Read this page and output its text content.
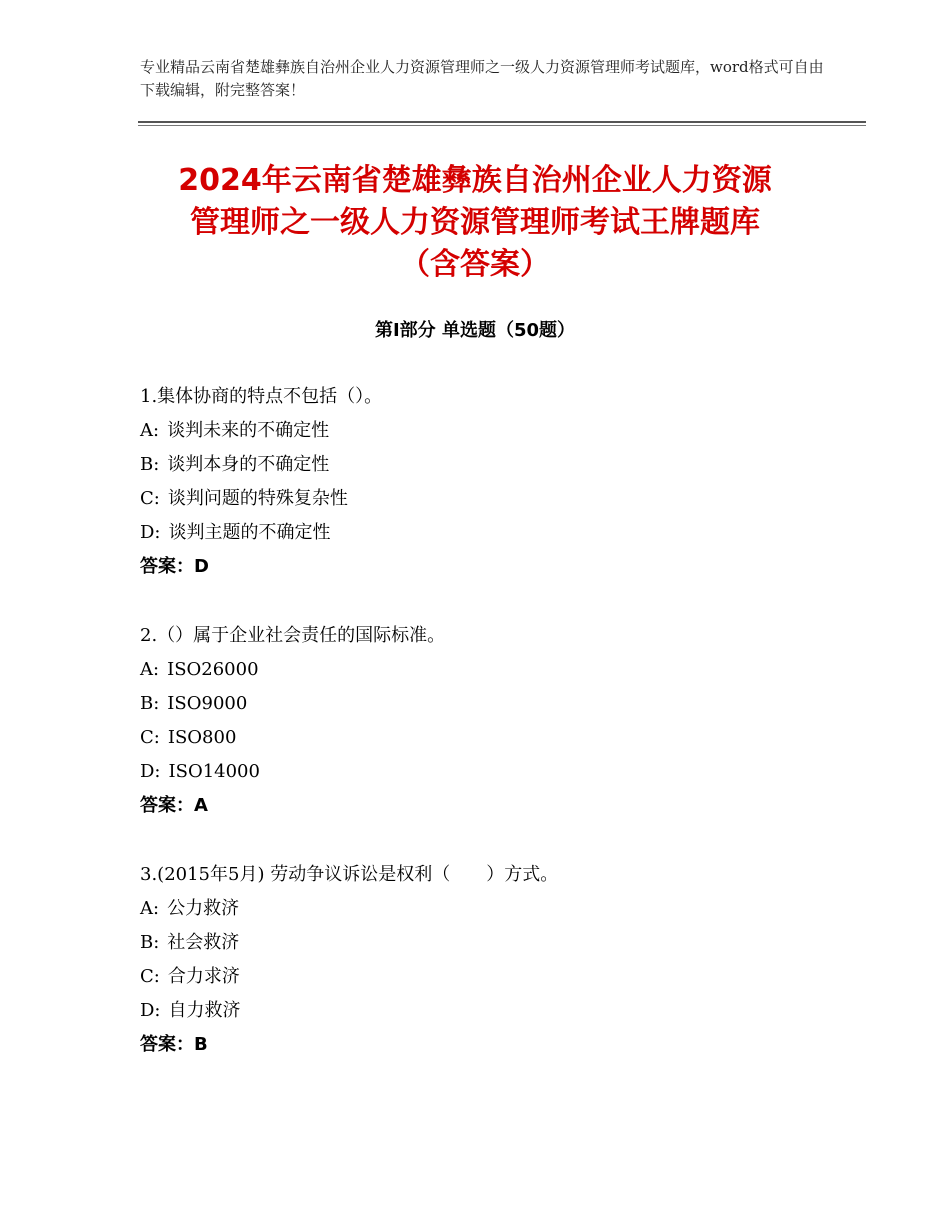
专业精品云南省楚雄彝族自治州企业人力资源管理师之一级人力资源管理师考试题库，word格式可自由下载编辑，附完整答案！
2024年云南省楚雄彝族自治州企业人力资源
管理师之一级人力资源管理师考试王牌题库
（含答案）
第Ⅰ部分 单选题（50题）
1.集体协商的特点不包括（）。
A: 谈判未来的不确定性
B: 谈判本身的不确定性
C: 谈判问题的特殊复杂性
D: 谈判主题的不确定性
答案：D
2.（）属于企业社会责任的国际标准。
A: ISO26000
B: ISO9000
C: ISO800
D: ISO14000
答案：A
3.(2015年5月) 劳动争议诉讼是权利（　　）方式。
A: 公力救济
B: 社会救济
C: 合力求济
D: 自力救济
答案：B
